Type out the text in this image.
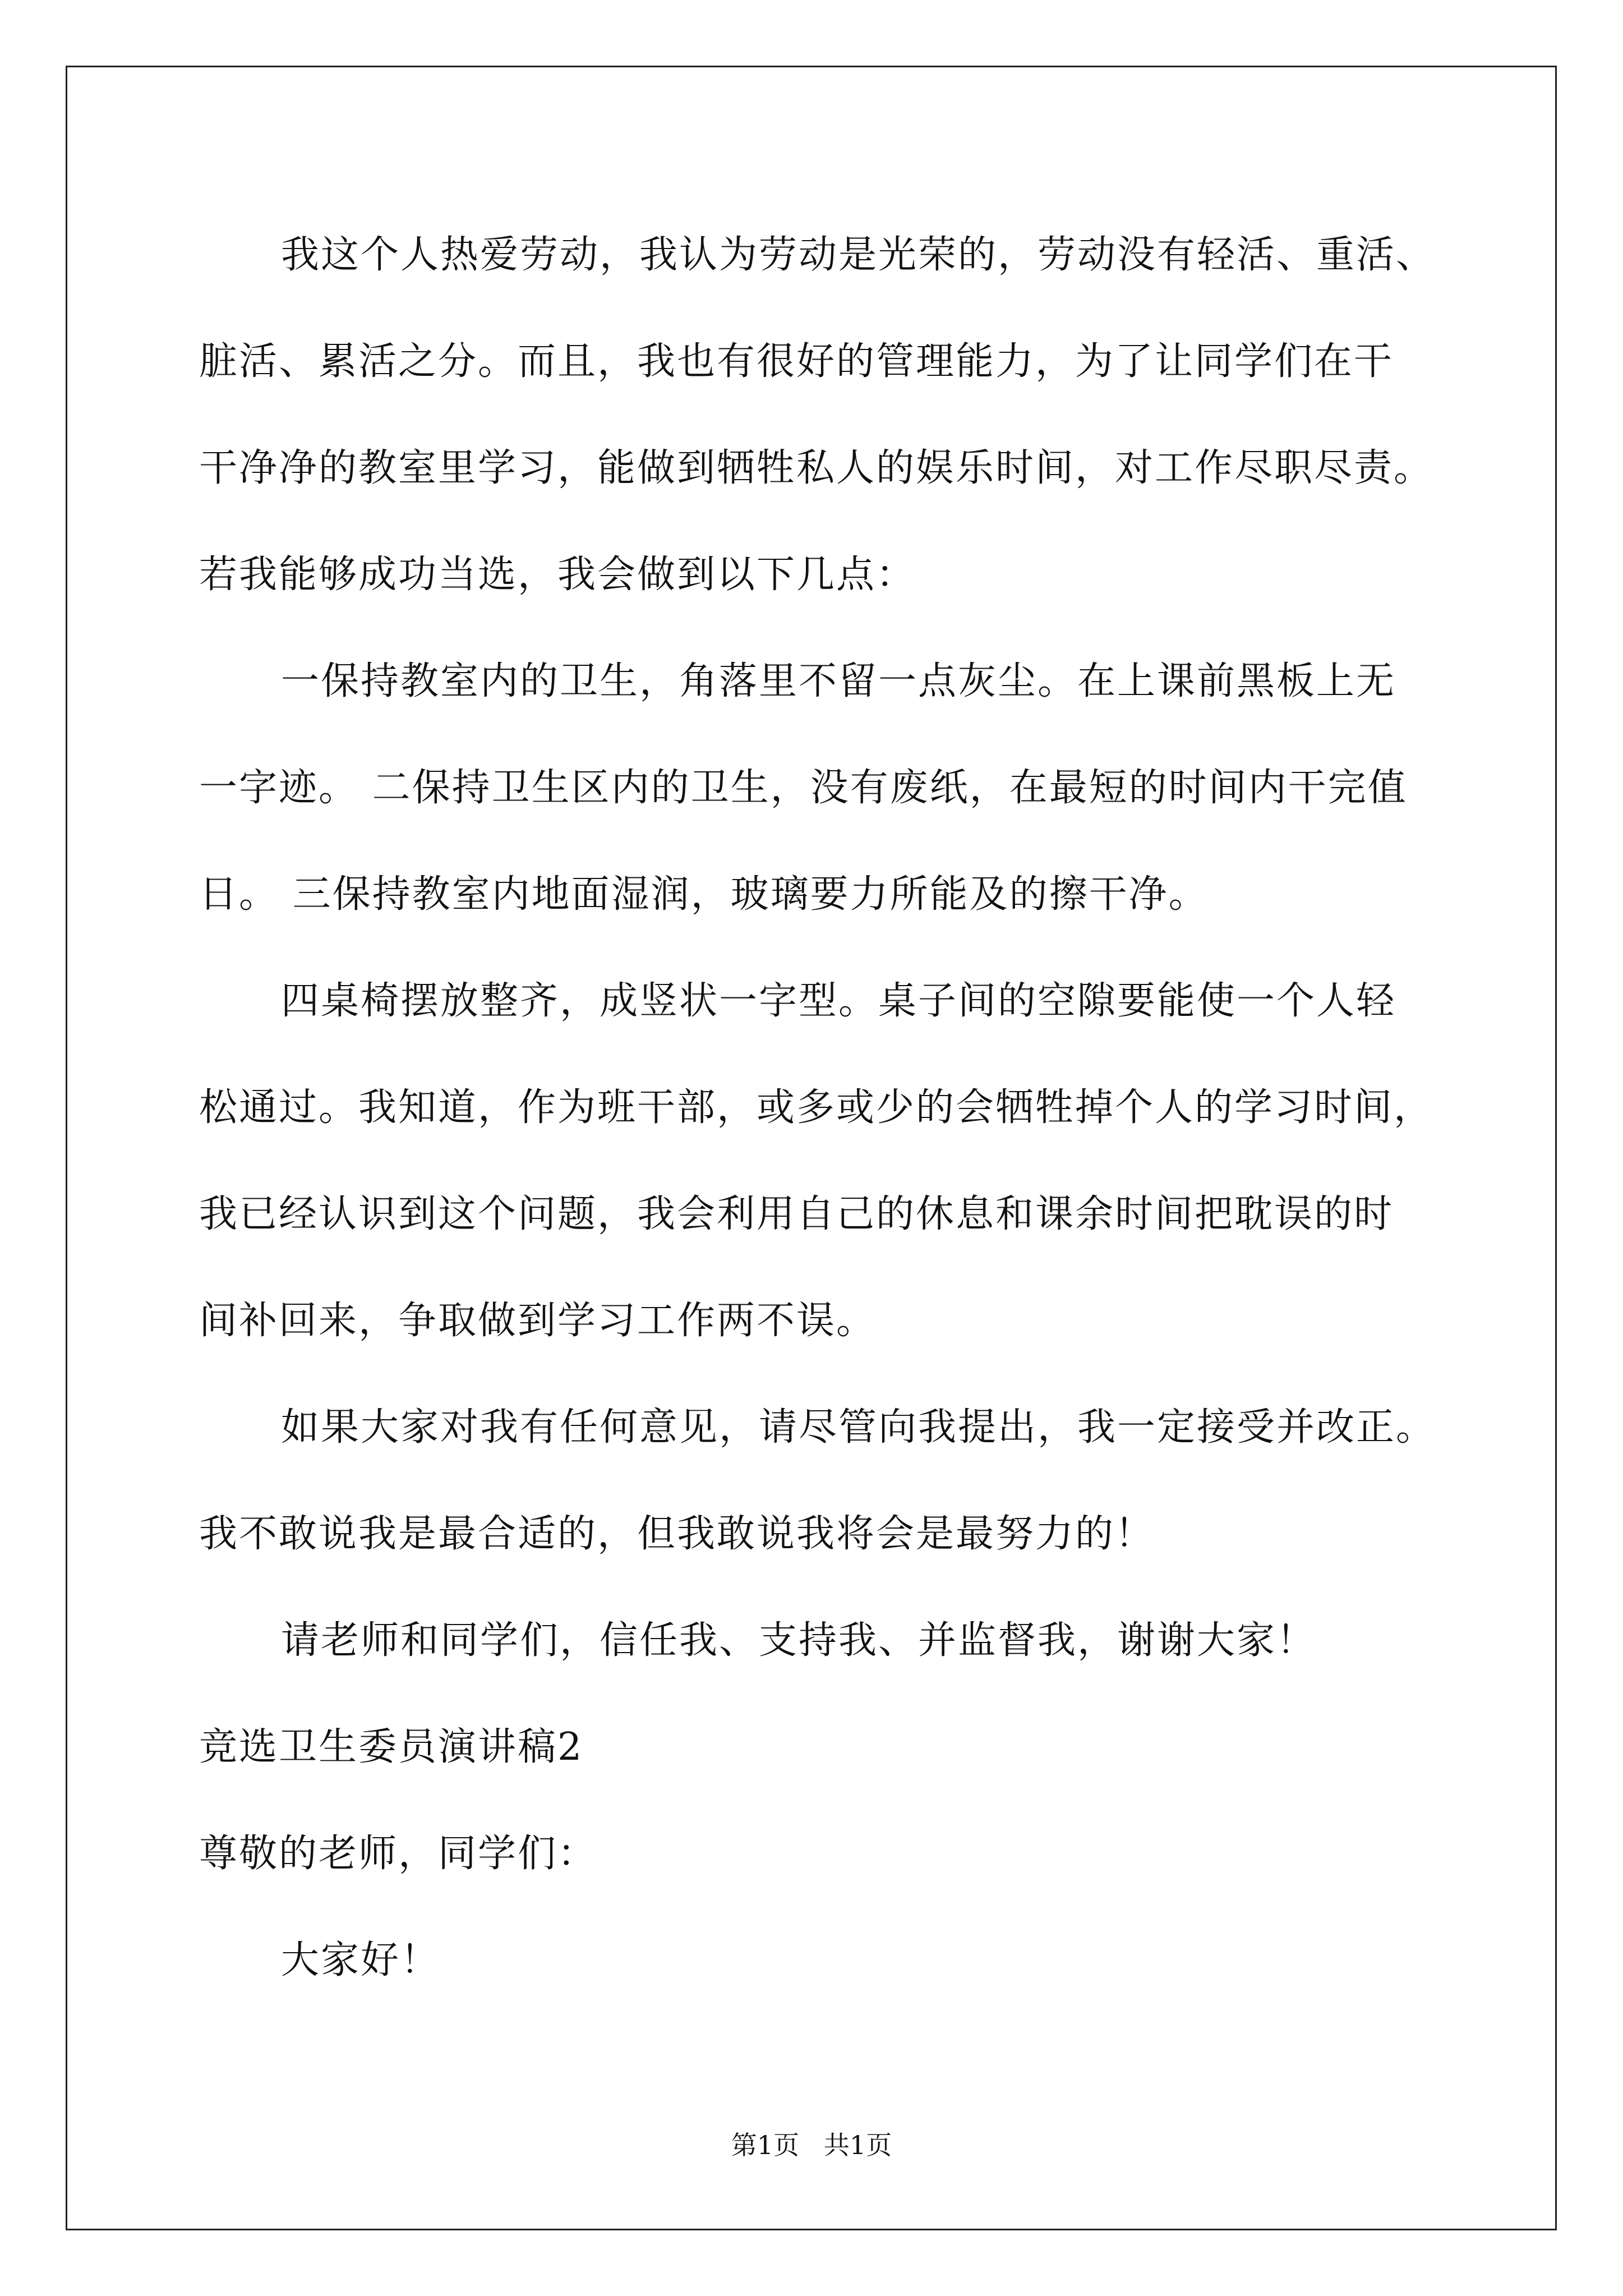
我这个人热爱劳动，我认为劳动是光荣的，劳动没有轻活、重活、
脏活、累活之分。而且，我也有很好的管理能力，为了让同学们在干
干净净的教室里学习，能做到牺牲私人的娱乐时间，对工作尽职尽责。
若我能够成功当选，我会做到以下几点：
一保持教室内的卫生，角落里不留一点灰尘。在上课前黑板上无
一字迹。 二保持卫生区内的卫生，没有废纸，在最短的时间内干完值
日。 三保持教室内地面湿润，玻璃要力所能及的擦干净。
四桌椅摆放整齐，成竖状一字型。桌子间的空隙要能使一个人轻
松通过。我知道，作为班干部，或多或少的会牺牲掉个人的学习时间，
我已经认识到这个问题，我会利用自己的休息和课余时间把耽误的时
间补回来，争取做到学习工作两不误。
如果大家对我有任何意见，请尽管向我提出，我一定接受并改正。
我不敢说我是最合适的，但我敢说我将会是最努力的！
请老师和同学们，信任我、支持我、并监督我，谢谢大家！
竞选卫生委员演讲稿2
尊敬的老师，同学们：
大家好！
第1页   共1页
